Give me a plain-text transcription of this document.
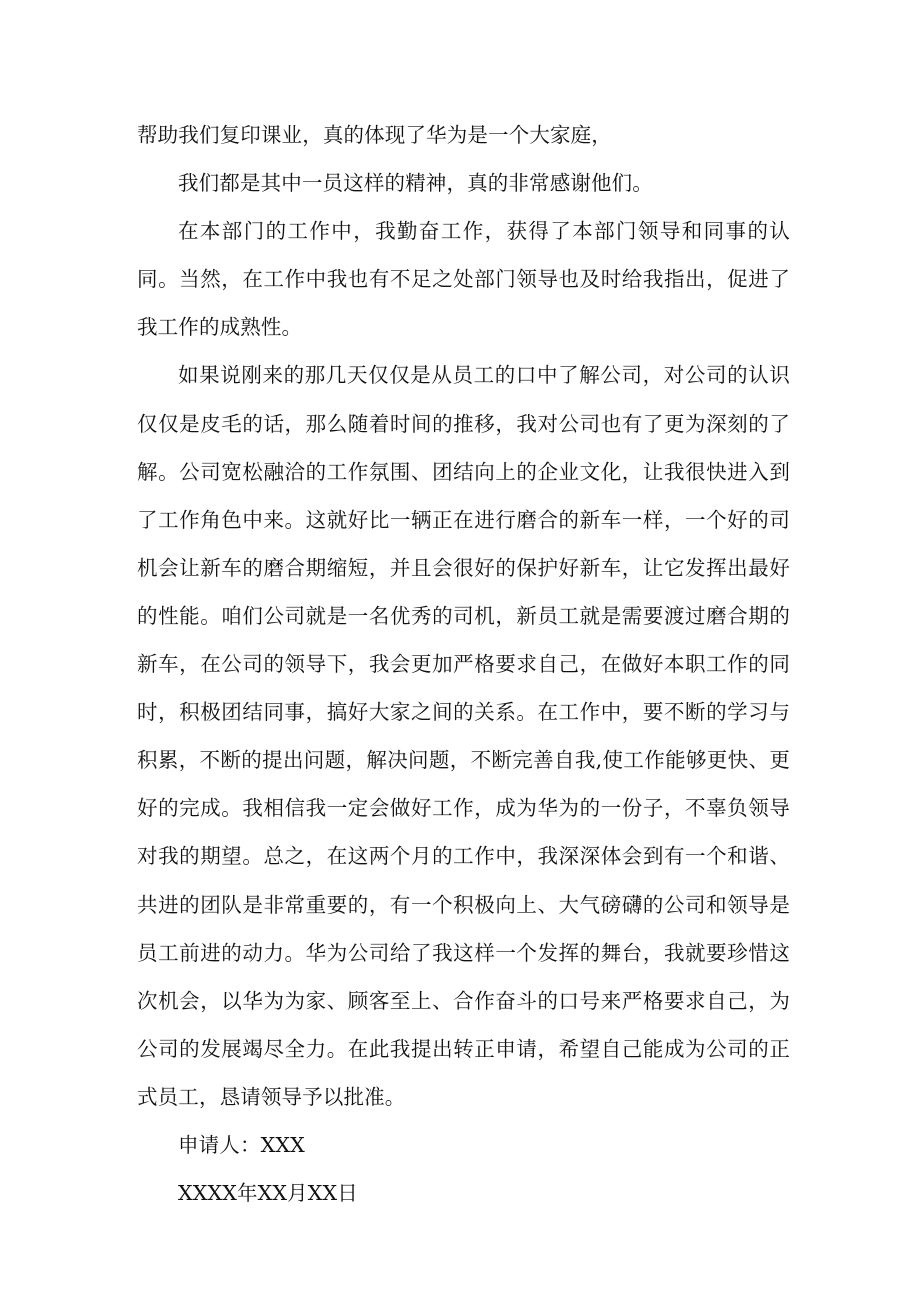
帮助我们复印课业，真的体现了华为是一个大家庭，

我们都是其中一员这样的精神，真的非常感谢他们。

在本部门的工作中，我勤奋工作，获得了本部门领导和同事的认同。当然，在工作中我也有不足之处部门领导也及时给我指出，促进了我工作的成熟性。

如果说刚来的那几天仅仅是从员工的口中了解公司，对公司的认识仅仅是皮毛的话，那么随着时间的推移，我对公司也有了更为深刻的了解。公司宽松融洽的工作氛围、团结向上的企业文化，让我很快进入到了工作角色中来。这就好比一辆正在进行磨合的新车一样，一个好的司机会让新车的磨合期缩短，并且会很好的保护好新车，让它发挥出最好的性能。咱们公司就是一名优秀的司机，新员工就是需要渡过磨合期的新车，在公司的领导下，我会更加严格要求自己，在做好本职工作的同时，积极团结同事，搞好大家之间的关系。在工作中，要不断的学习与积累，不断的提出问题，解决问题，不断完善自我,使工作能够更快、更好的完成。我相信我一定会做好工作，成为华为的一份子，不辜负领导对我的期望。总之，在这两个月的工作中，我深深体会到有一个和谐、共进的团队是非常重要的，有一个积极向上、大气磅礴的公司和领导是员工前进的动力。华为公司给了我这样一个发挥的舞台，我就要珍惜这次机会，以华为为家、顾客至上、合作奋斗的口号来严格要求自己，为公司的发展竭尽全力。在此我提出转正申请，希望自己能成为公司的正式员工，恳请领导予以批准。

申请人：XXX

XXXX年XX月XX日
